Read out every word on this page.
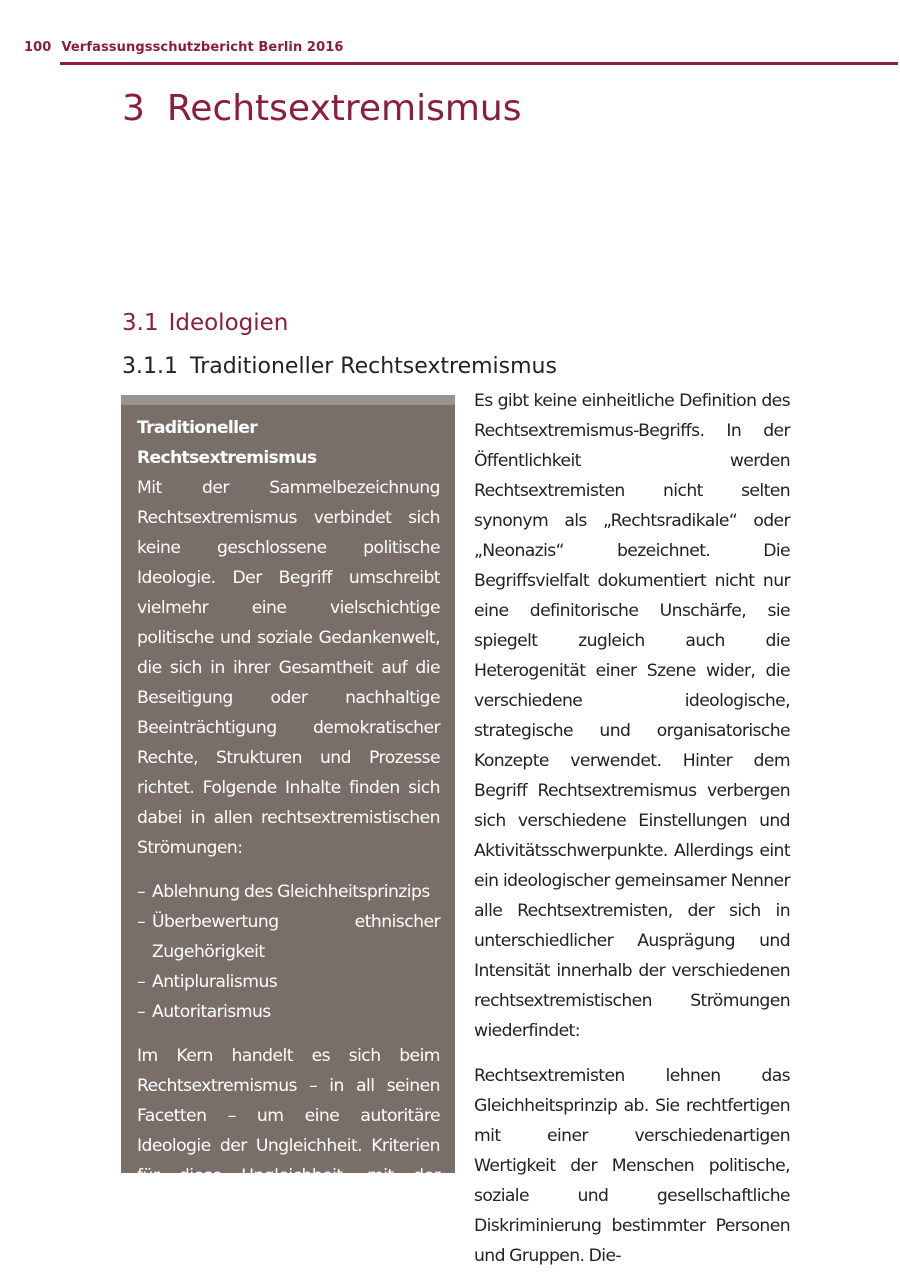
100 Verfassungsschutzbericht Berlin 2016
3 Rechtsextremismus
3.1 Ideologien
3.1.1 Traditioneller Rechtsextremismus
Traditioneller Rechtsextremismus

Mit der Sammelbezeichnung Rechtsextremismus verbindet sich keine geschlossene politische Ideologie. Der Begriff umschreibt vielmehr eine vielschichtige politische und soziale Gedankenwelt, die sich in ihrer Gesamtheit auf die Beseitigung oder nachhaltige Beeinträchtigung demokratischer Rechte, Strukturen und Prozesse richtet. Folgende Inhalte finden sich dabei in allen rechtsextremistischen Strömungen:

– Ablehnung des Gleichheitsprinzips
– Überbewertung ethnischer Zugehörigkeit
– Antipluralismus
– Autoritarismus

Im Kern handelt es sich beim Rechtsextremismus – in all seinen Facetten – um eine autoritäre Ideologie der Ungleichheit. Kriterien für diese Ungleichheit, mit der Rechtsextremisten eine Ungleichwertigkeit verbinden,

Es gibt keine einheitliche Definition des Rechtsextremismus-Begriffs. In der Öffentlichkeit werden Rechtsextremisten nicht selten synonym als „Rechtsradikale“ oder „Neonazis“ bezeichnet. Die Begriffsvielfalt dokumentiert nicht nur eine definitorische Unschärfe, sie spiegelt zugleich auch die Heterogenität einer Szene wider, die verschiedene ideologische, strategische und organisatorische Konzepte verwendet. Hinter dem Begriff Rechtsextremismus verbergen sich verschiedene Einstellungen und Aktivitätsschwerpunkte. Allerdings eint ein ideologischer gemeinsamer Nenner alle Rechtsextremisten, der sich in unterschiedlicher Ausprägung und Intensität innerhalb der verschiedenen rechtsextremistischen Strömungen wiederfindet:

Rechtsextremisten lehnen das Gleichheitsprinzip ab. Sie rechtfertigen mit einer verschiedenartigen Wertigkeit der Menschen politische, soziale und gesellschaftliche Diskriminierung bestimmter Personen und Gruppen. Die-
